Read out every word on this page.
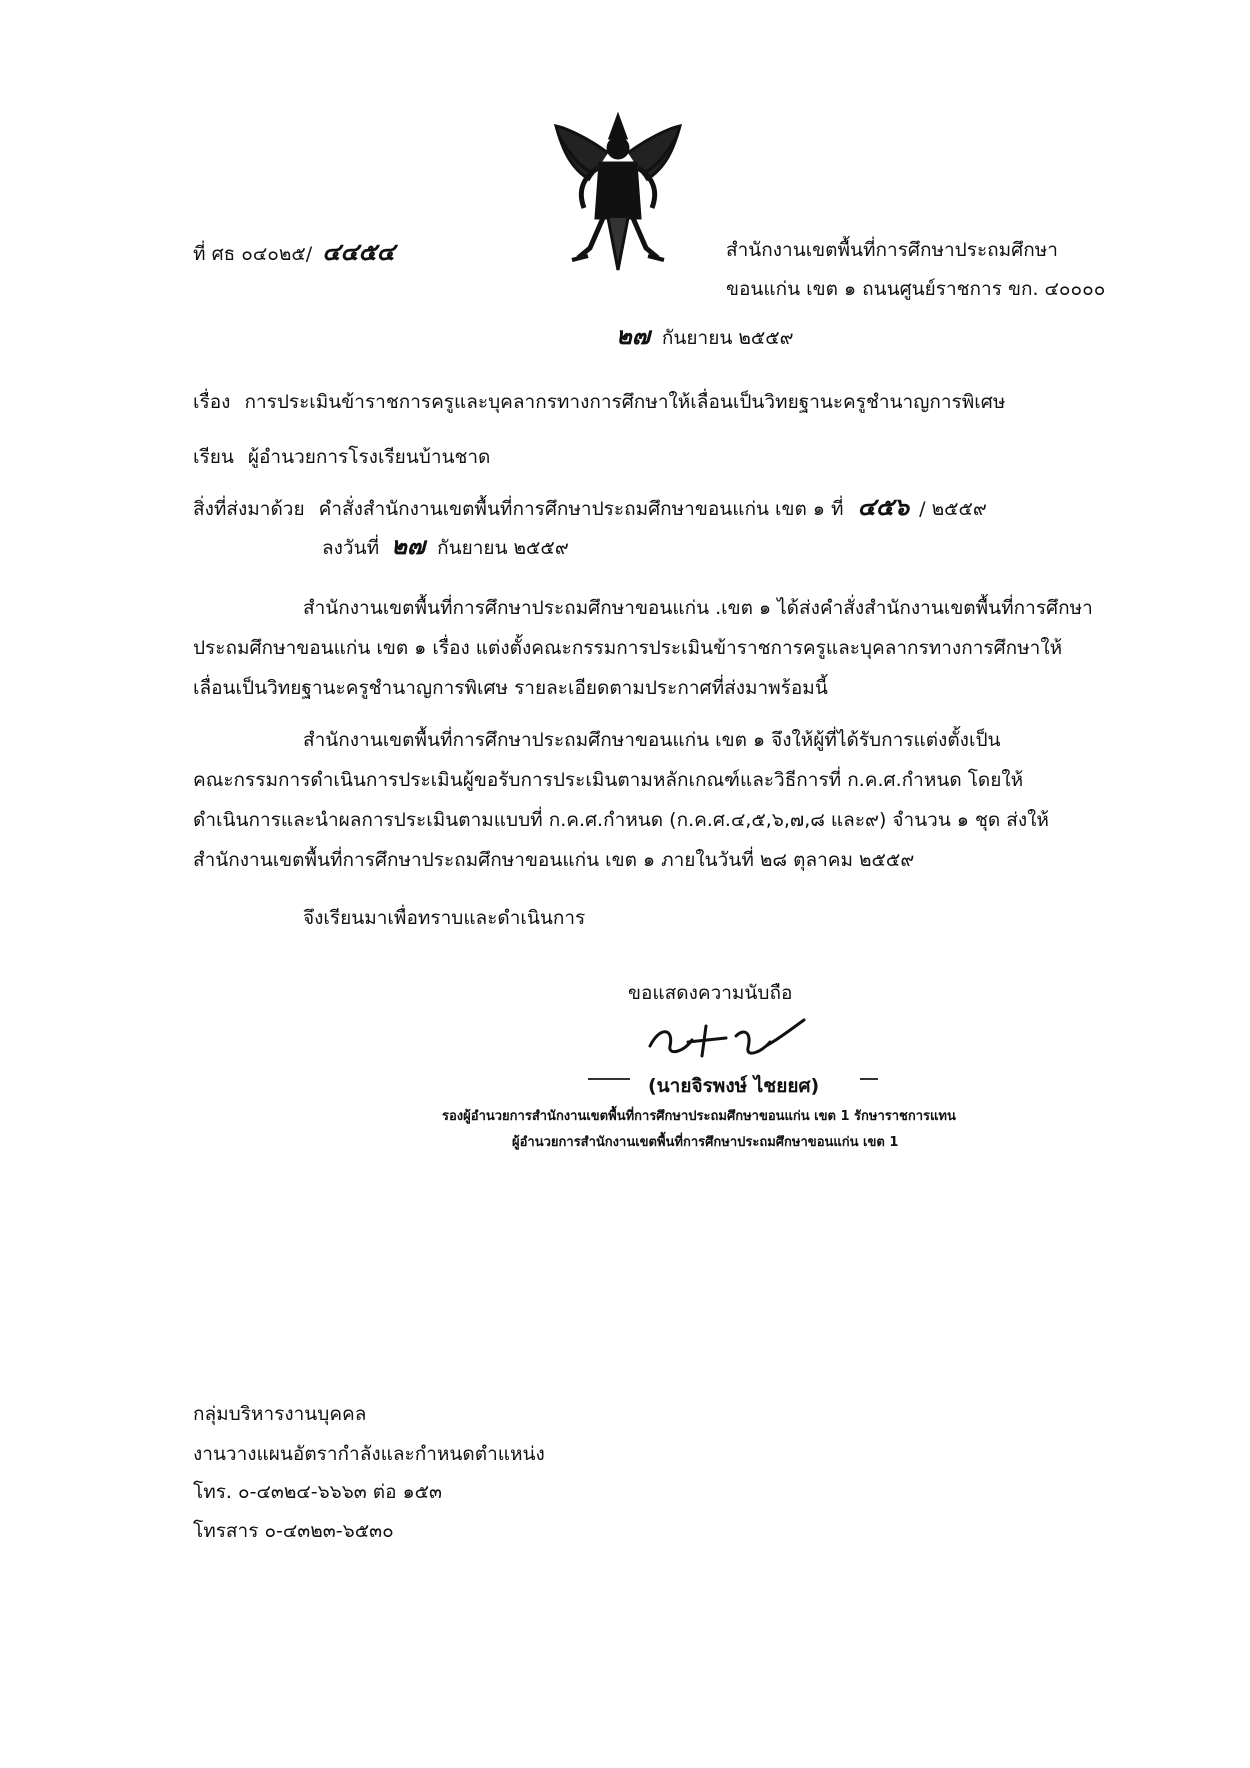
ที่ ศธ ๐๔๐๒๕/ ๔๔๕๔	สำนักงานเขตพื้นที่การศึกษาประถมศึกษา
ขอนแก่น เขต ๑ ถนนศูนย์ราชการ ขก. ๔๐๐๐๐
๒๗ กันยายน ๒๕๕๙
เรื่อง การประเมินข้าราชการครูและบุคลากรทางการศึกษาให้เลื่อนเป็นวิทยฐานะครูชำนาญการพิเศษ
เรียน ผู้อำนวยการโรงเรียนบ้านชาด
สิ่งที่ส่งมาด้วย คำสั่งสำนักงานเขตพื้นที่การศึกษาประถมศึกษาขอนแก่น เขต ๑ ที่ ๔๕๖ / ๒๕๕๙
ลงวันที่ ๒๗ กันยายน ๒๕๕๙
สำนักงานเขตพื้นที่การศึกษาประถมศึกษาขอนแก่น .เขต ๑ ได้ส่งคำสั่งสำนักงานเขตพื้นที่การศึกษา
ประถมศึกษาขอนแก่น เขต ๑ เรื่อง แต่งตั้งคณะกรรมการประเมินข้าราชการครูและบุคลากรทางการศึกษาให้
เลื่อนเป็นวิทยฐานะครูชำนาญการพิเศษ รายละเอียดตามประกาศที่ส่งมาพร้อมนี้
สำนักงานเขตพื้นที่การศึกษาประถมศึกษาขอนแก่น เขต ๑ จึงให้ผู้ที่ได้รับการแต่งตั้งเป็น
คณะกรรมการดำเนินการประเมินผู้ขอรับการประเมินตามหลักเกณฑ์และวิธีการที่ ก.ค.ศ.กำหนด โดยให้
ดำเนินการและนำผลการประเมินตามแบบที่ ก.ค.ศ.กำหนด (ก.ค.ศ.๔,๕,๖,๗,๘ และ๙) จำนวน ๑ ชุด ส่งให้
สำนักงานเขตพื้นที่การศึกษาประถมศึกษาขอนแก่น เขต ๑ ภายในวันที่ ๒๘ ตุลาคม ๒๕๕๙
จึงเรียนมาเพื่อทราบและดำเนินการ
ขอแสดงความนับถือ
(นายจิรพงษ์ ไชยยศ)
รองผู้อำนวยการสำนักงานเขตพื้นที่การศึกษาประถมศึกษาขอนแก่น เขต 1 รักษาราชการแทน
ผู้อำนวยการสำนักงานเขตพื้นที่การศึกษาประถมศึกษาขอนแก่น เขต 1
กลุ่มบริหารงานบุคคล
งานวางแผนอัตรากำลังและกำหนดตำแหน่ง
โทร. ๐-๔๓๒๔-๖๖๖๓ ต่อ ๑๕๓
โทรสาร ๐-๔๓๒๓-๖๕๓๐
